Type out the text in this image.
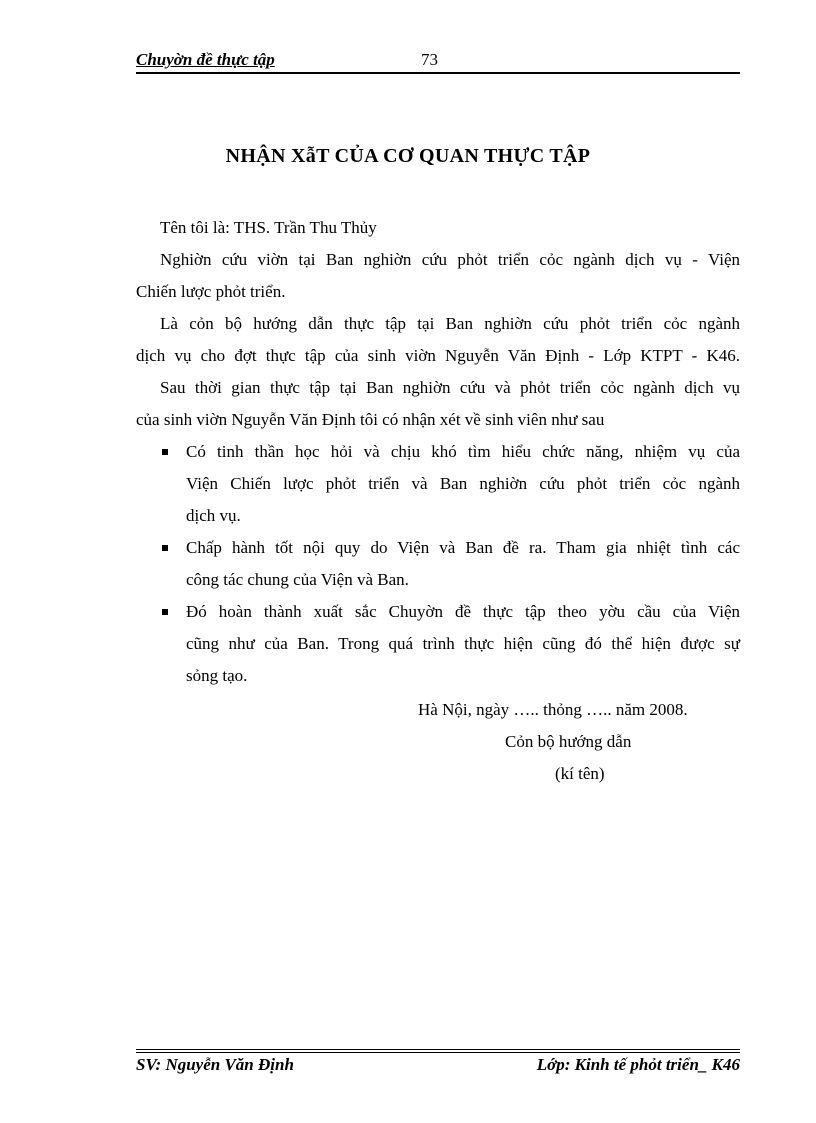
Chuyờn đề thực tập	73
NHẬN XẫT CỦA CƠ QUAN THỰC TẬP
Tên tôi là: THS. Trần Thu Thủy
Nghiờn cứu viờn tại Ban nghiờn cứu phỏt triển cỏc ngành dịch vụ - Viện
Chiến lược phỏt triển.
Là cỏn bộ hướng dẫn thực tập tại Ban nghiờn cứu phỏt triển cỏc ngành
dịch vụ cho đợt thực tập của sinh viờn Nguyễn Văn Định - Lớp KTPT - K46.
Sau thời gian thực tập tại Ban nghiờn cứu và phỏt triển cỏc ngành dịch vụ
của sinh viờn Nguyễn Văn Định tôi có nhận xét về sinh viên như sau
Có tinh thần học hỏi và chịu khó tìm hiểu chức năng, nhiệm vụ của
Viện Chiến lược phỏt triển và Ban nghiờn cứu phỏt triển cỏc ngành
dịch vụ.
Chấp hành tốt nội quy do Viện và Ban đề ra. Tham gia nhiệt tình các
công tác chung của Viện và Ban.
Đó hoàn thành xuất sắc Chuyờn đề thực tập theo yờu cầu của Viện
cũng như của Ban. Trong quá trình thực hiện cũng đó thể hiện được sự
sỏng tạo.
Hà Nội, ngày ….. thỏng ….. năm 2008.
Cỏn bộ hướng dẫn
(kí tên)
SV: Nguyễn Văn Định	Lớp: Kinh tế phỏt triển_ K46
